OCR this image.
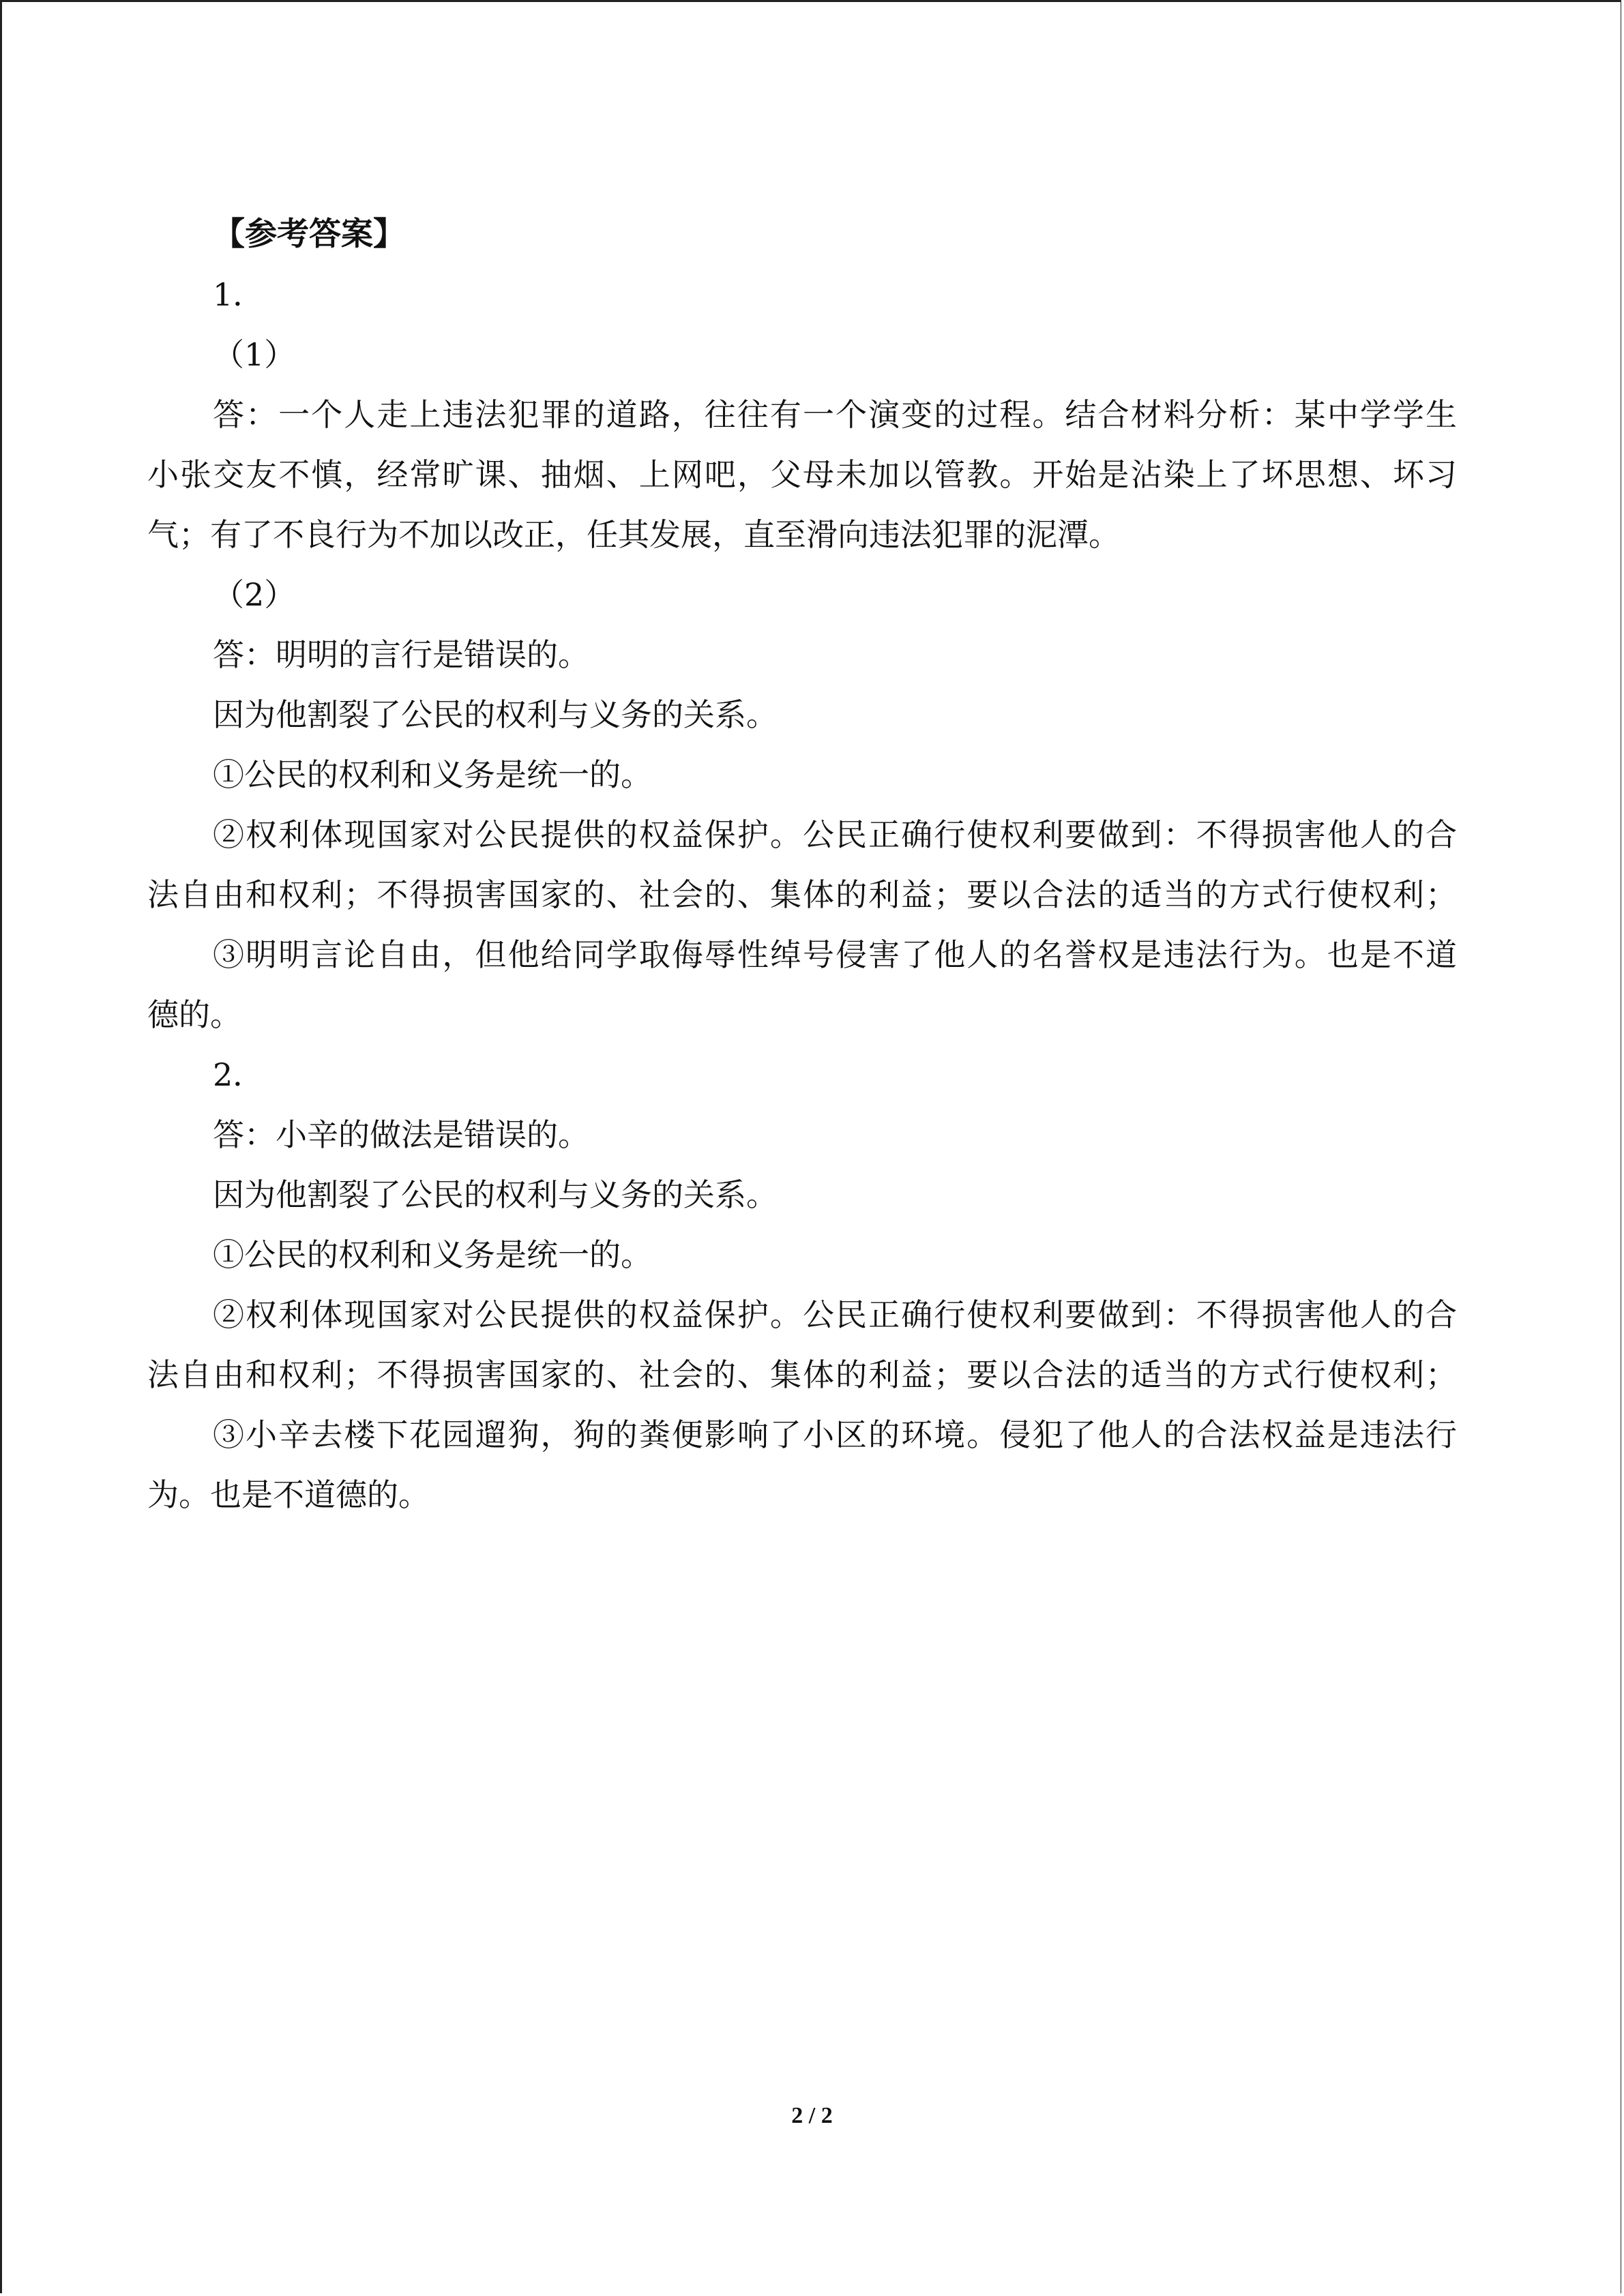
【参考答案】

1．

（1）

答：一个人走上违法犯罪的道路，往往有一个演变的过程。结合材料分析：某中学学生

小张交友不慎，经常旷课、抽烟、上网吧，父母未加以管教。开始是沾染上了坏思想、坏习

气；有了不良行为不加以改正，任其发展，直至滑向违法犯罪的泥潭。

（2）

答：明明的言行是错误的。

因为他割裂了公民的权利与义务的关系。

①公民的权利和义务是统一的。

②权利体现国家对公民提供的权益保护。公民正确行使权利要做到：不得损害他人的合

法自由和权利；不得损害国家的、社会的、集体的利益；要以合法的适当的方式行使权利；

③明明言论自由，但他给同学取侮辱性绰号侵害了他人的名誉权是违法行为。也是不道

德的。

2．

答：小辛的做法是错误的。

因为他割裂了公民的权利与义务的关系。

①公民的权利和义务是统一的。

②权利体现国家对公民提供的权益保护。公民正确行使权利要做到：不得损害他人的合

法自由和权利；不得损害国家的、社会的、集体的利益；要以合法的适当的方式行使权利；

③小辛去楼下花园遛狗，狗的粪便影响了小区的环境。侵犯了他人的合法权益是违法行

为。也是不道德的。

2 / 2
